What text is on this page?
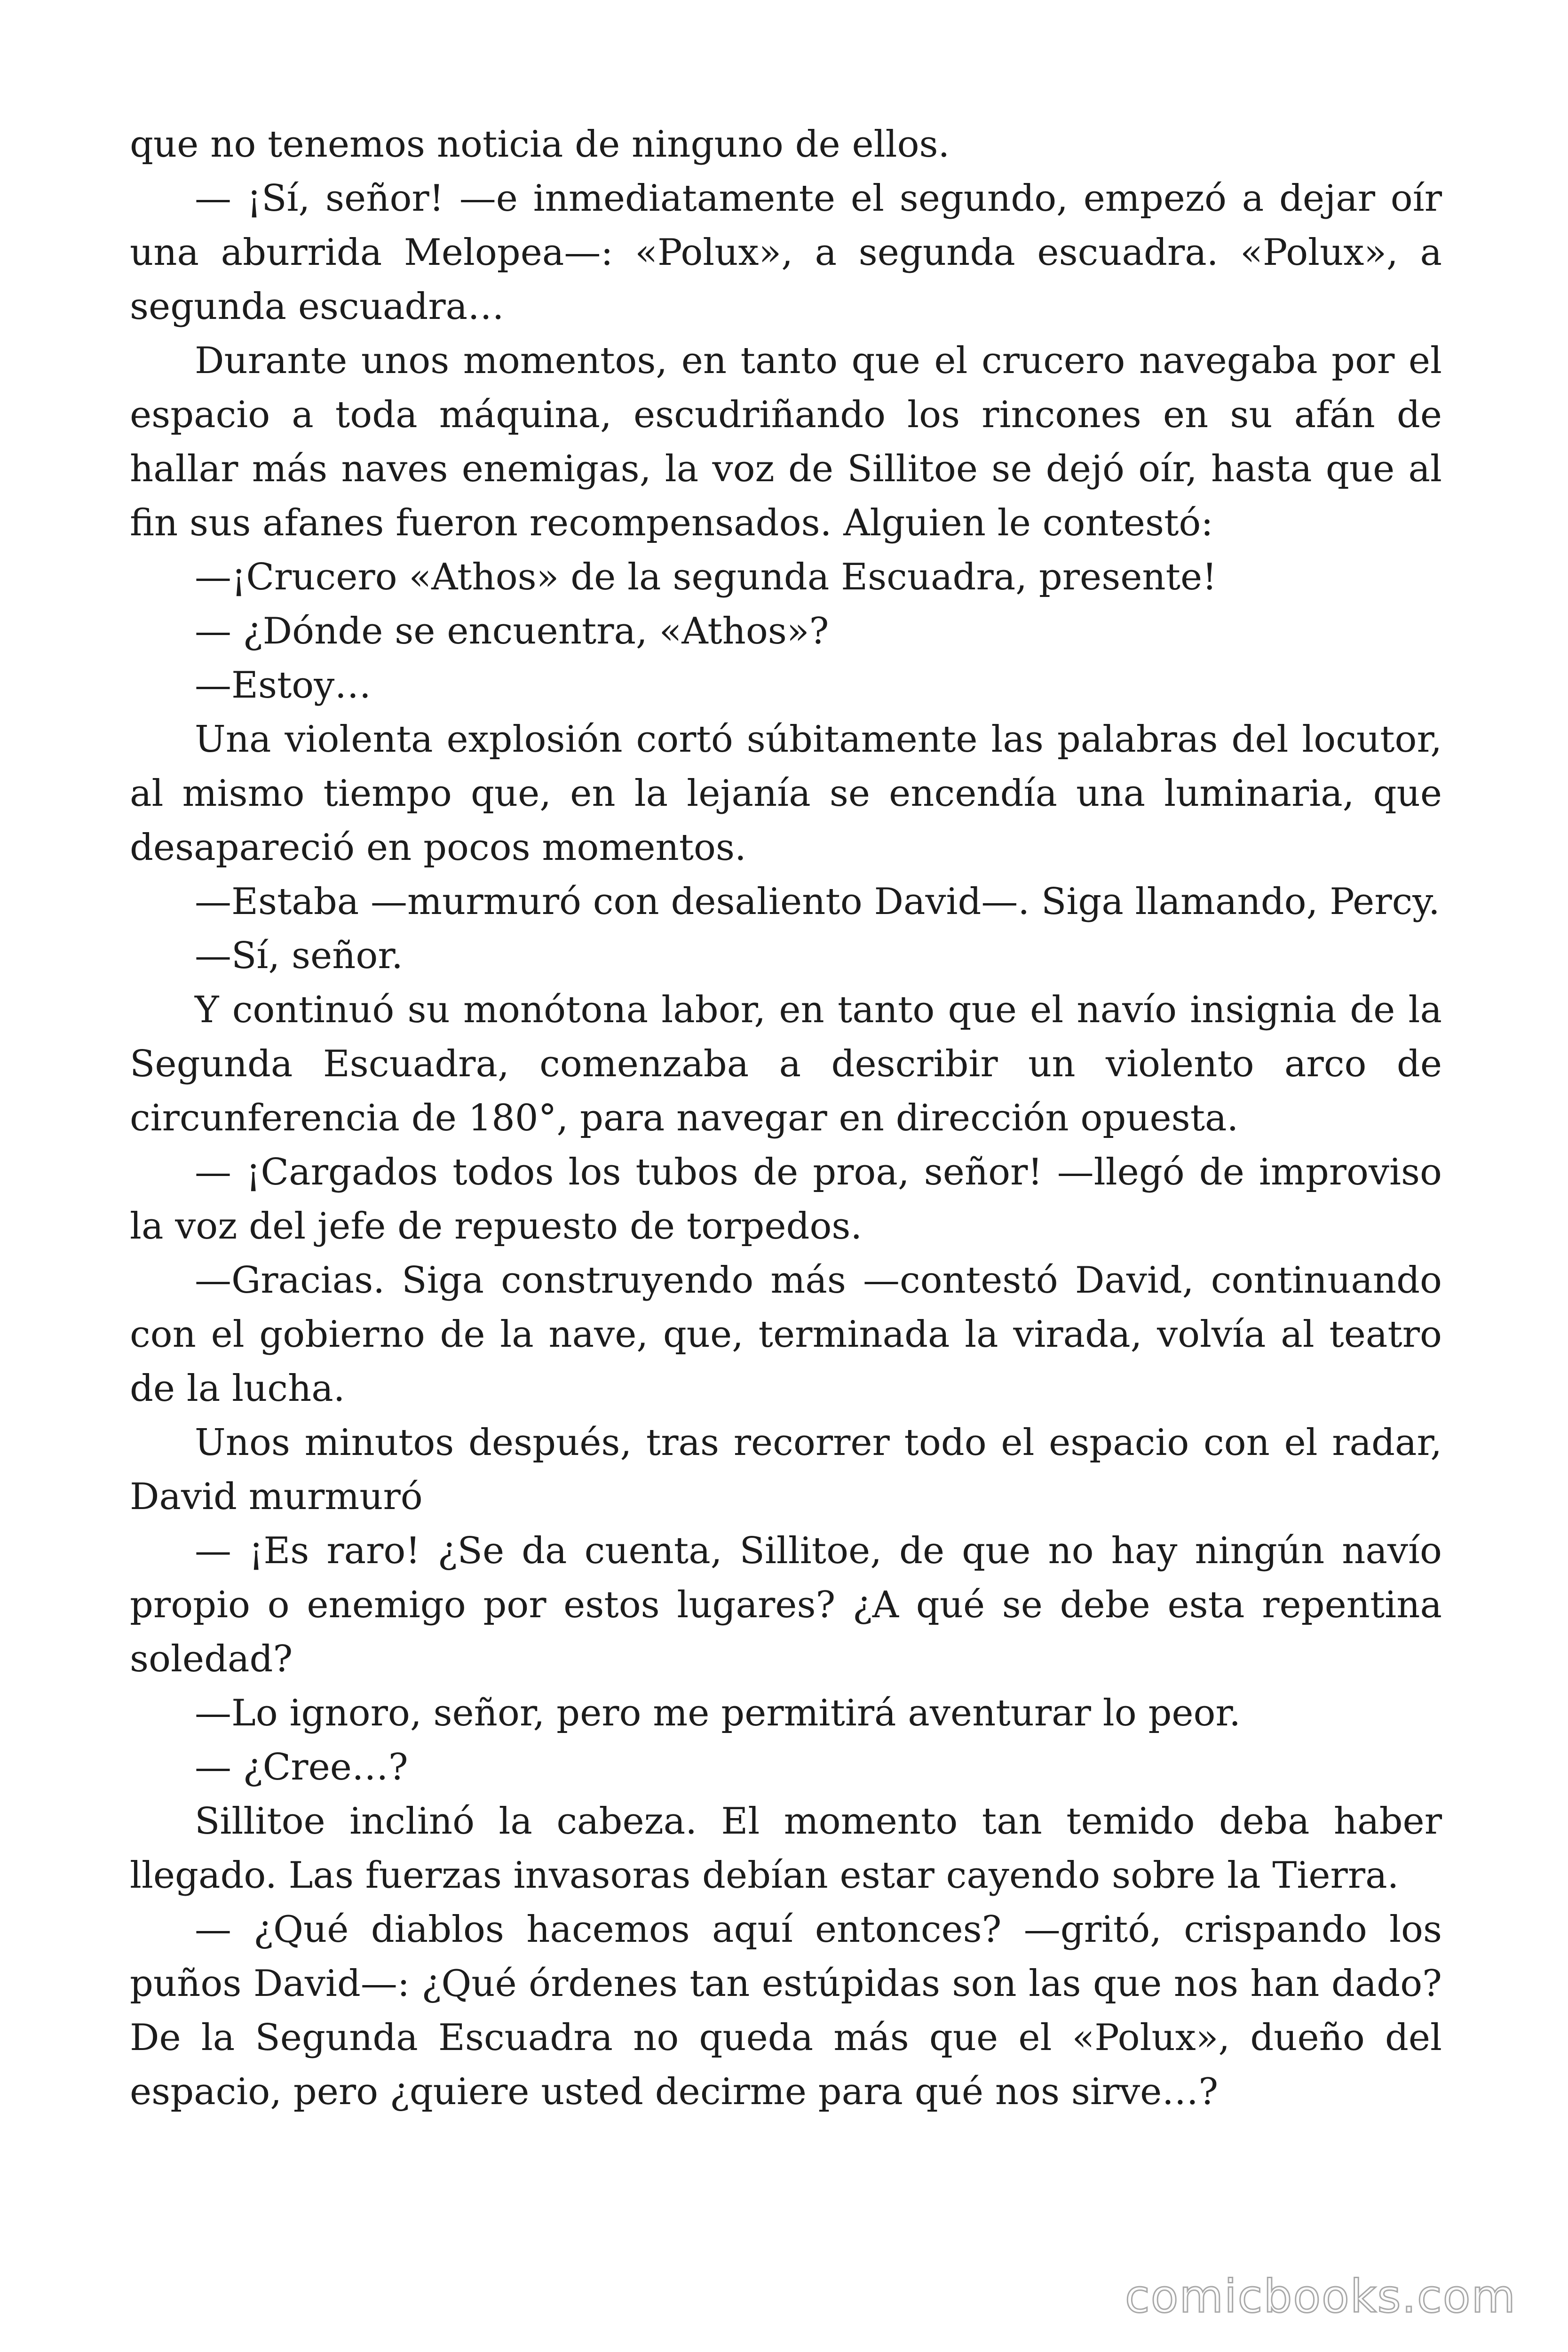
que no tenemos noticia de ninguno de ellos.

— ¡Sí, señor! —e inmediatamente el segundo, empezó a dejar oír una aburrida Melopea—: «Polux», a segunda escuadra. «Polux», a segunda escuadra…

Durante unos momentos, en tanto que el crucero navegaba por el espacio a toda máquina, escudriñando los rincones en su afán de hallar más naves enemigas, la voz de Sillitoe se dejó oír, hasta que al fin sus afanes fueron recompensados. Alguien le contestó:

—¡Crucero «Athos» de la segunda Escuadra, presente!

— ¿Dónde se encuentra, «Athos»?

—Estoy…

Una violenta explosión cortó súbitamente las palabras del locutor, al mismo tiempo que, en la lejanía se encendía una luminaria, que desapareció en pocos momentos.

—Estaba —murmuró con desaliento David—. Siga llamando, Percy.

—Sí, señor.

Y continuó su monótona labor, en tanto que el navío insignia de la Segunda Escuadra, comenzaba a describir un violento arco de circunferencia de 180°, para navegar en dirección opuesta.

— ¡Cargados todos los tubos de proa, señor! —llegó de improviso la voz del jefe de repuesto de torpedos.

—Gracias. Siga construyendo más —contestó David, continuando con el gobierno de la nave, que, terminada la virada, volvía al teatro de la lucha.

Unos minutos después, tras recorrer todo el espacio con el radar, David murmuró

— ¡Es raro! ¿Se da cuenta, Sillitoe, de que no hay ningún navío propio o enemigo por estos lugares? ¿A qué se debe esta repentina soledad?

—Lo ignoro, señor, pero me permitirá aventurar lo peor.

— ¿Cree…?

Sillitoe inclinó la cabeza. El momento tan temido deba haber llegado. Las fuerzas invasoras debían estar cayendo sobre la Tierra.

— ¿Qué diablos hacemos aquí entonces? —gritó, crispando los puños David—: ¿Qué órdenes tan estúpidas son las que nos han dado? De la Segunda Escuadra no queda más que el «Polux», dueño del espacio, pero ¿quiere usted decirme para qué nos sirve…?

comicbooks.com
